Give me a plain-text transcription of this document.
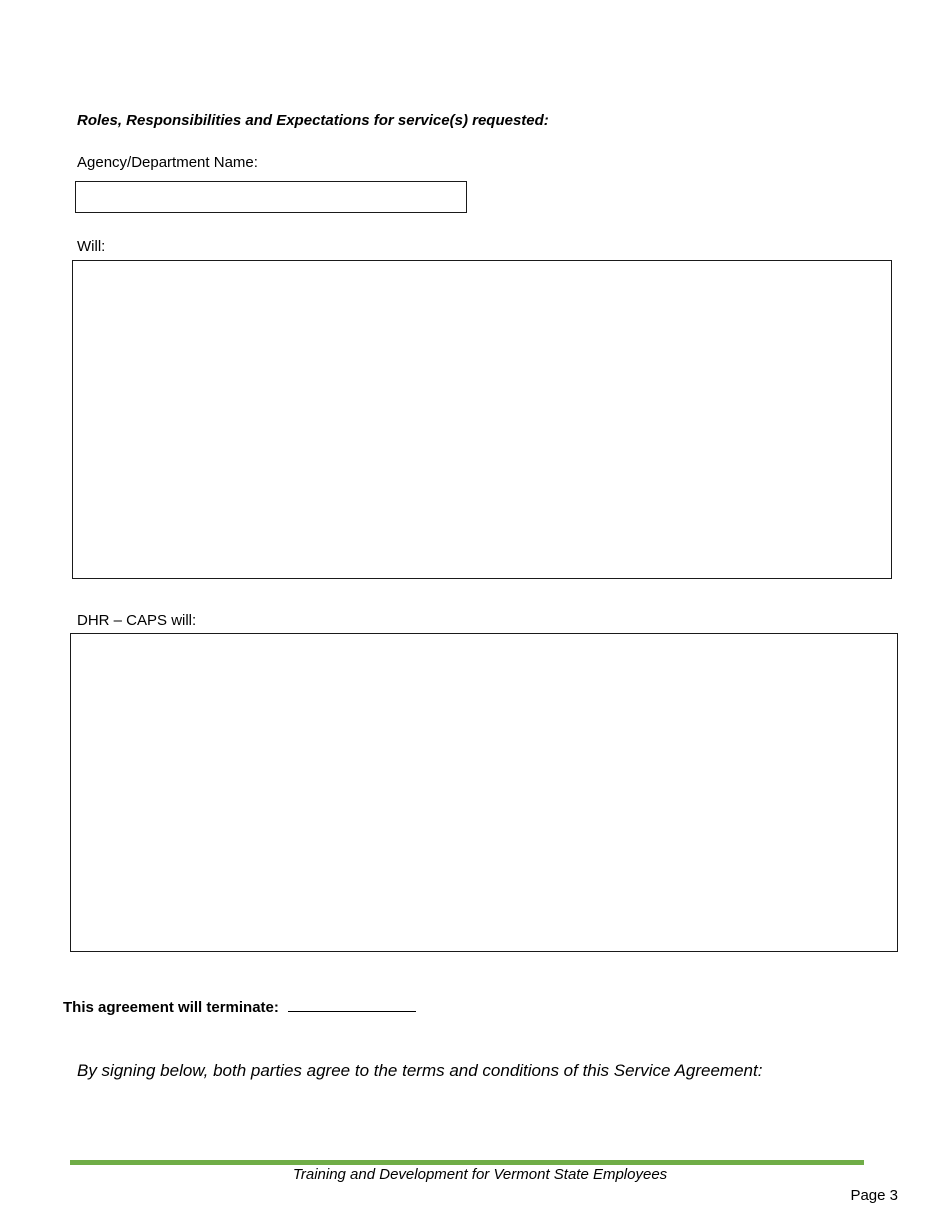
Roles, Responsibilities and Expectations for service(s) requested:
Agency/Department Name:
Will:
DHR – CAPS will:
This agreement will terminate:
By signing below, both parties agree to the terms and conditions of this Service Agreement:
Training and Development for Vermont State Employees
Page 3
